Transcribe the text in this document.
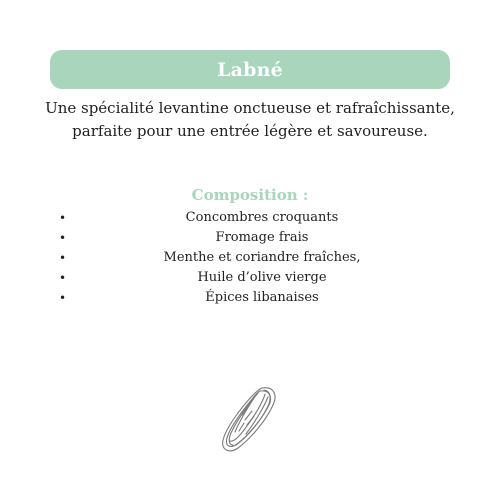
Labné
Une spécialité levantine onctueuse et rafraîchissante, parfaite pour une entrée légère et savoureuse.
Composition :
•	Concombres croquants
•	Fromage frais
•	Menthe et coriandre fraîches,
•	Huile d’olive vierge
•	Épices libanaises
